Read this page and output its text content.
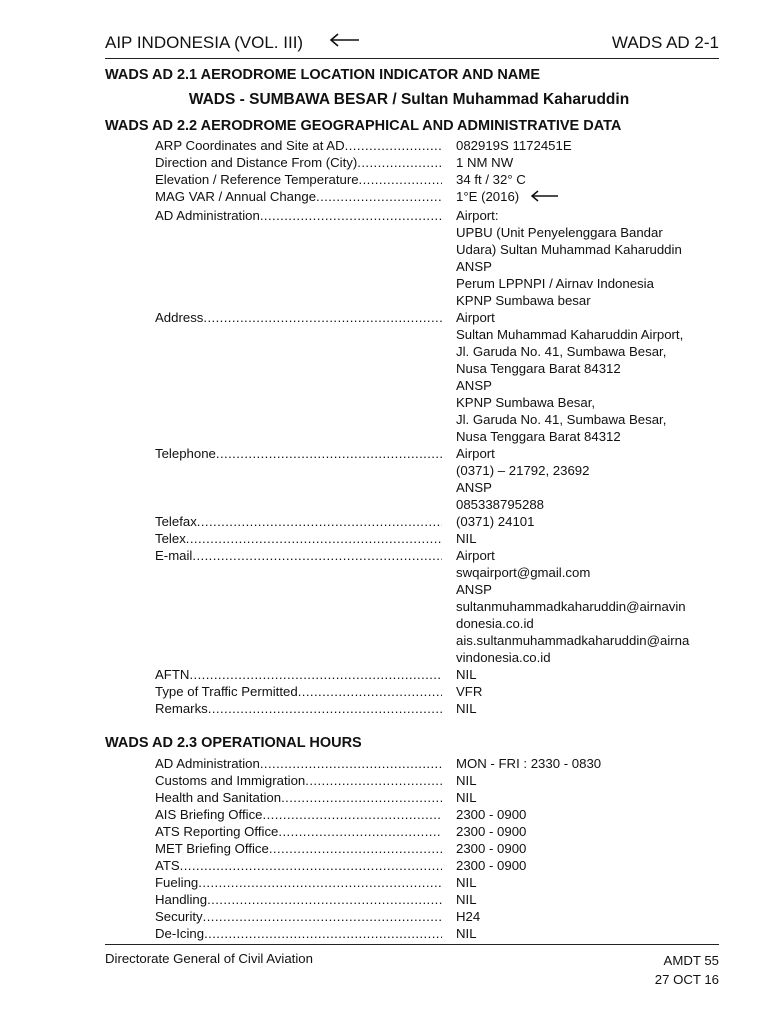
AIP INDONESIA (VOL. III)	WADS AD 2-1
WADS AD 2.1 AERODROME LOCATION INDICATOR AND NAME
WADS - SUMBAWA BESAR / Sultan Muhammad Kaharuddin
WADS AD 2.2 AERODROME GEOGRAPHICAL AND ADMINISTRATIVE DATA
ARP Coordinates and Site at AD .....	082919S 1172451E
Direction and Distance From (City) .....	1 NM NW
Elevation / Reference Temperature .....	34 ft / 32° C
MAG VAR / Annual Change .....	1°E (2016)
AD Administration .....	Airport:
UPBU (Unit Penyelenggara Bandar
Udara) Sultan Muhammad Kaharuddin
ANSP
Perum LPPNPI / Airnav Indonesia
KPNP Sumbawa besar
Address .....	Airport
Sultan Muhammad Kaharuddin Airport,
Jl. Garuda No. 41, Sumbawa Besar,
Nusa Tenggara Barat 84312
ANSP
KPNP Sumbawa Besar,
Jl. Garuda No. 41, Sumbawa Besar,
Nusa Tenggara Barat 84312
Telephone .....	Airport
(0371) – 21792, 23692
ANSP
085338795288
Telefax .....	(0371) 24101
Telex .....	NIL
E-mail .....	Airport
swqairport@gmail.com
ANSP
sultanmuhammadkaharuddin@airnavin
donesia.co.id
ais.sultanmuhammadkaharuddin@airna
vindonesia.co.id
AFTN .....	NIL
Type of Traffic Permitted .....	VFR
Remarks .....	NIL
WADS AD 2.3 OPERATIONAL HOURS
AD Administration .....	MON - FRI : 2330 - 0830
Customs and Immigration .....	NIL
Health and Sanitation .....	NIL
AIS Briefing Office .....	2300 - 0900
ATS Reporting Office .....	2300 - 0900
MET Briefing Office .....	2300 - 0900
ATS .....	2300 - 0900
Fueling .....	NIL
Handling .....	NIL
Security .....	H24
De-Icing .....	NIL
Directorate General of Civil Aviation	AMDT 55
27 OCT 16
